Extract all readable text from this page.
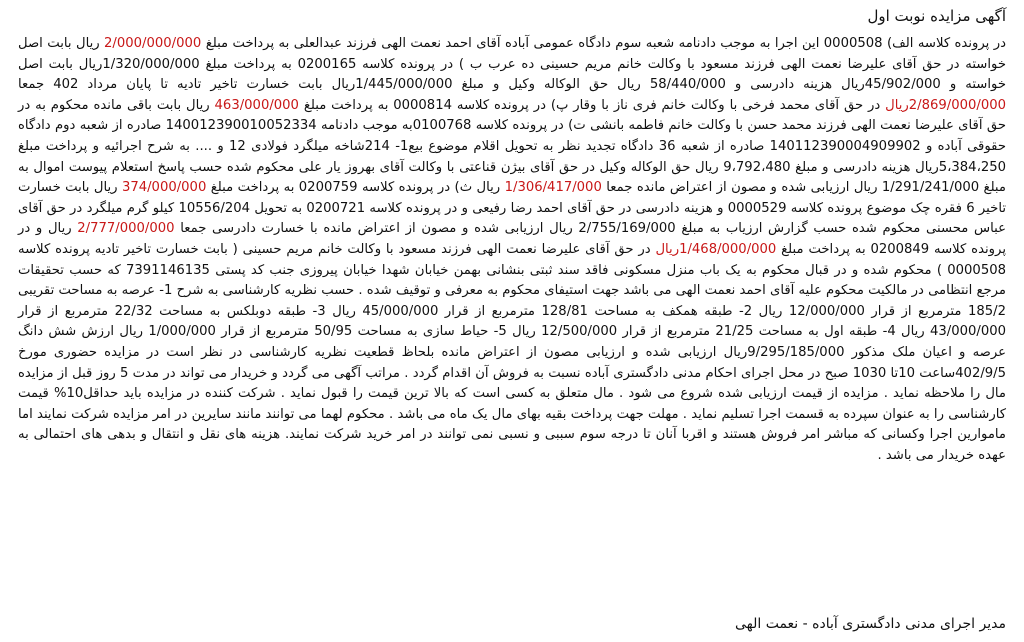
آگهی مزایده نوبت اول

در پرونده کلاسه الف) 0000508 این اجرا به موجب دادنامه شعبه سوم دادگاه عمومی آباده آقای احمد نعمت الهی فرزند عبدالعلی به پرداخت مبلغ 2/000/000/000 ریال بابت اصل خواسته در حق آقای علیرضا نعمت الهی فرزند مسعود با وکالت خانم مریم حسینی ده عرب ب ) در پرونده کلاسه 0200165 به پرداخت مبلغ 1/320/000/000ریال بابت اصل خواسته و 45/902/000ریال هزینه دادرسی و 58/440/000 ریال حق الوکاله وکیل و مبلغ 1/445/000/000ریال بابت خسارت تاخیر تادیه تا پایان مرداد 402 جمعا 2/869/000/000ریال در حق آقای محمد فرخی با وکالت خانم فری ناز با وقار پ) در پرونده کلاسه 0000814 به پرداخت مبلغ 463/000/000 ریال بابت باقی مانده محکوم به در حق آقای علیرضا نعمت الهی فرزند محمد حسن با وکالت خانم فاطمه بانشی ت) در پرونده کلاسه 0100768به موجب دادنامه 14001239001005233‌4 صادره از شعبه دوم دادگاه حقوقی آباده و 140112390004909902 صادره از شعبه 36 دادگاه تجدید نظر به تحویل اقلام موضوع بیع1- 214شاخه میلگرد فولادی 12 و .... به شرح اجرائیه و پرداخت مبلغ 5،384،250ریال هزینه دادرسی و مبلغ 9،792،480 ریال حق الوکاله وکیل در حق آقای بیژن قناعتی با وکالت آقای بهروز یار علی محکوم شده حسب پاسخ استعلام پیوست اموال به مبلغ 1/291/241/000 ریال ارزیابی شده و مصون از اعتراض مانده جمعا 1/306/417/000 ریال ث) در پرونده کلاسه 0200759 به پرداخت مبلغ 374/000/000 ریال بابت خسارت تاخیر 6 فقره چک موضوع پرونده کلاسه 0000529 و هزینه دادرسی در حق آقای احمد رضا رفیعی و در پرونده کلاسه 0200721 به تحویل 10556/204 کیلو گرم میلگرد در حق آقای عباس محسنی محکوم شده حسب گزارش ارزیاب به مبلغ 2/755/169/000 ریال ارزیابی شده و مصون از اعتراض مانده با خسارت دادرسی جمعا 2/777/000/000 ریال و در پرونده کلاسه 0200849 به پرداخت مبلغ 1/468/000/000ریال در حق آقای علیرضا نعمت الهی فرزند مسعود با وکالت خانم مریم حسینی ( بابت خسارت تاخیر تادیه پرونده کلاسه 0000508 ) محکوم شده و در قبال محکوم به یک باب منزل مسکونی فاقد سند ثبتی بنشانی بهمن خیابان شهدا خیابان پیروزی جنب کد پستی 7391146135 که حسب تحقیقات مرجع انتظامی در مالکیت محکوم علیه آقای احمد نعمت الهی می باشد جهت استیفای محکوم به معرفی و توقیف شده . حسب نظریه کارشناسی به شرح 1- عرصه به مساحت تقریبی 185/2 مترمربع از قرار 12/000/000 ریال 2- طبقه همکف به مساحت 128/81 مترمربع از قرار 45/000/000 ریال 3- طبقه دوبلکس به مساحت 22/32 مترمربع از قرار 43/000/000 ریال 4- طبقه اول به مساحت 21/25 مترمربع از قرار 12/500/000 ریال 5- حیاط سازی به مساحت 50/95 مترمربع از قرار 1/000/000 ریال ارزش شش دانگ عرصه و اعیان ملک مذکور 9/295/185/000ریال ارزیابی شده و ارزیابی مصون از اعتراض مانده بلحاظ قطعیت نظریه کارشناسی در نظر است در مزایده حضوری مورخ 402/9/5ساعت 10تا 1030 صبح در محل اجرای احکام مدنی دادگستری آباده نسبت به فروش آن اقدام گردد . مراتب آگهی می گردد و خریدار می تواند در مدت 5 روز قبل از مزایده مال را ملاحظه نماید . مزایده از قیمت ارزیابی شده شروع می شود . مال متعلق به کسی است که بالا ترین قیمت را قبول نماید . شرکت کننده در مزایده باید حداقل10% قیمت کارشناسی را به عنوان سپرده به قسمت اجرا تسلیم نماید . مهلت جهت پرداخت بقیه بهای مال یک ماه می باشد . محکوم لهما می توانند مانند سایرین در امر مزایده شرکت نمایند اما ماموارین اجرا وکسانی که مباشر امر فروش هستند و اقربا آنان تا درجه سوم سببی و نسبی نمی توانند در امر خرید شرکت نمایند. هزینه های نقل و انتقال و بدهی های احتمالی به عهده خریدار می باشد .

مدیر اجرای مدنی دادگستری آباده - نعمت الهی
